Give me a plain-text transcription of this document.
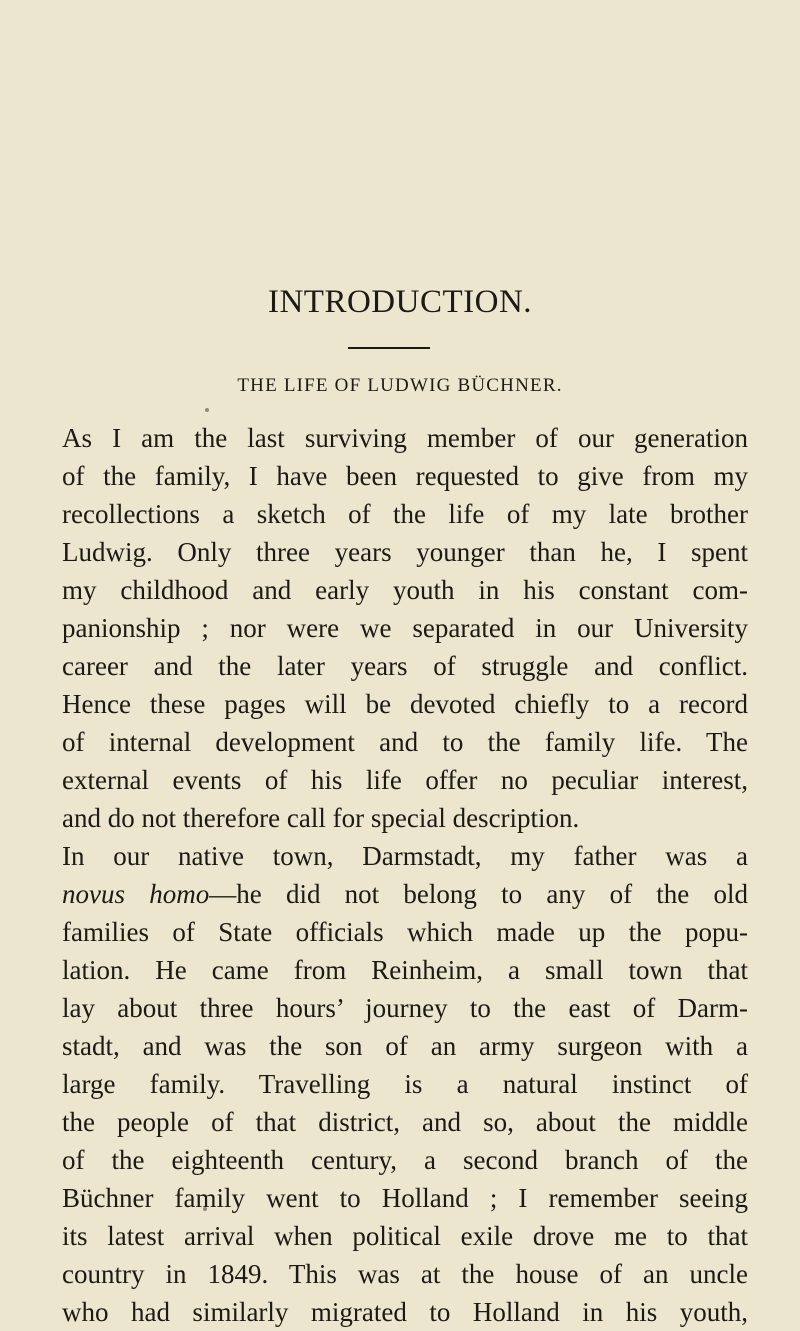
INTRODUCTION.
THE LIFE OF LUDWIG BÜCHNER.
As I am the last surviving member of our generation
of the family, I have been requested to give from my
recollections a sketch of the life of my late brother
Ludwig. Only three years younger than he, I spent
my childhood and early youth in his constant com-
panionship ; nor were we separated in our University
career and the later years of struggle and conflict.
Hence these pages will be devoted chiefly to a record
of internal development and to the family life. The
external events of his life offer no peculiar interest,
and do not therefore call for special description.
In our native town, Darmstadt, my father was a
novus homo—he did not belong to any of the old
families of State officials which made up the popu-
lation. He came from Reinheim, a small town that
lay about three hours’ journey to the east of Darm-
stadt, and was the son of an army surgeon with a
large family. Travelling is a natural instinct of
the people of that district, and so, about the middle
of the eighteenth century, a second branch of the
Büchner family went to Holland ; I remember seeing
its latest arrival when political exile drove me to that
country in 1849. This was at the house of an uncle
who had similarly migrated to Holland in his youth,
